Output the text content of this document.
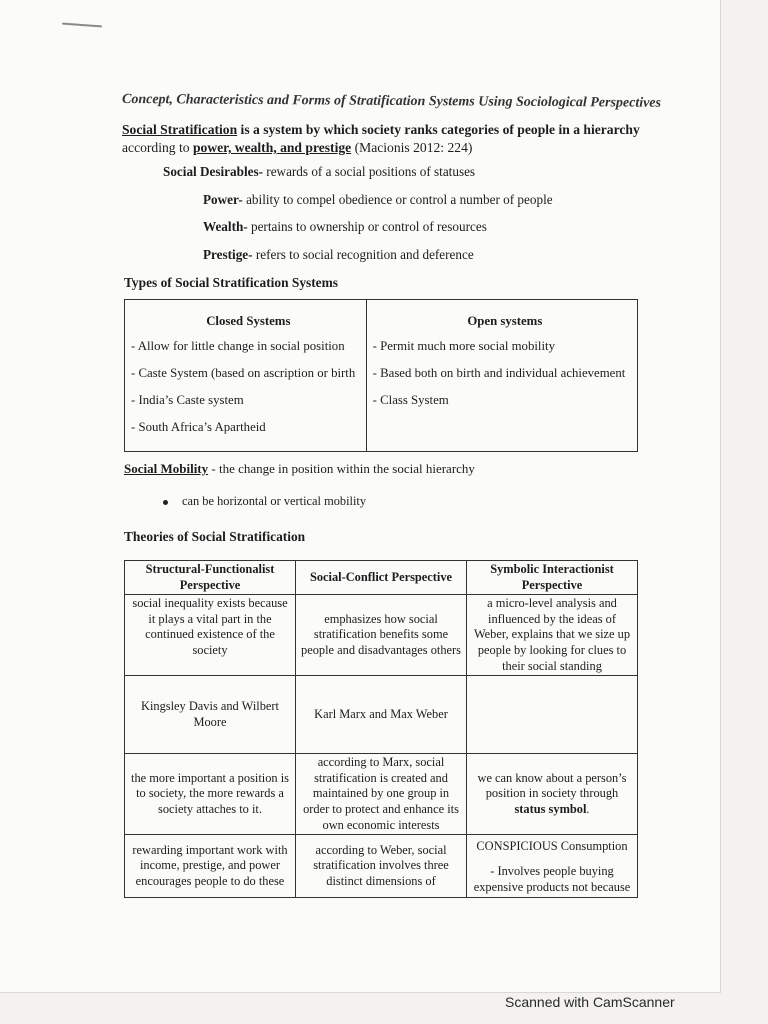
Concept, Characteristics and Forms of Stratification Systems Using Sociological Perspectives
Social Stratification is a system by which society ranks categories of people in a hierarchy according to power, wealth, and prestige (Macionis 2012: 224)
Social Desirables- rewards of a social positions of statuses
Power- ability to compel obedience or control a number of people
Wealth- pertains to ownership or control of resources
Prestige- refers to social recognition and deference
Types of Social Stratification Systems
Closed Systems	Open systems
- Allow for little change in social position	- Permit much more social mobility
- Caste System (based on ascription or birth	- Based both on birth and individual achievement
- India’s Caste system	- Class System
- South Africa’s Apartheid	
Social Mobility - the change in position within the social hierarchy
can be horizontal or vertical mobility
Theories of Social Stratification
Structural-Functionalist Perspective	Social-Conflict Perspective	Symbolic Interactionist Perspective
social inequality exists because it plays a vital part in the continued existence of the society	emphasizes how social stratification benefits some people and disadvantages others	a micro-level analysis and influenced by the ideas of Weber, explains that we size up people by looking for clues to their social standing
Kingsley Davis and Wilbert Moore	Karl Marx and Max Weber	
the more important a position is to society, the more rewards a society attaches to it.	according to Marx, social stratification is created and maintained by one group in order to protect and enhance its own economic interests	we can know about a person’s position in society through status symbol.
rewarding important work with income, prestige, and power encourages people to do these	according to Weber, social stratification involves three distinct dimensions of	CONSPICIOUS Consumption
- Involves people buying expensive products not because
Scanned with CamScanner
